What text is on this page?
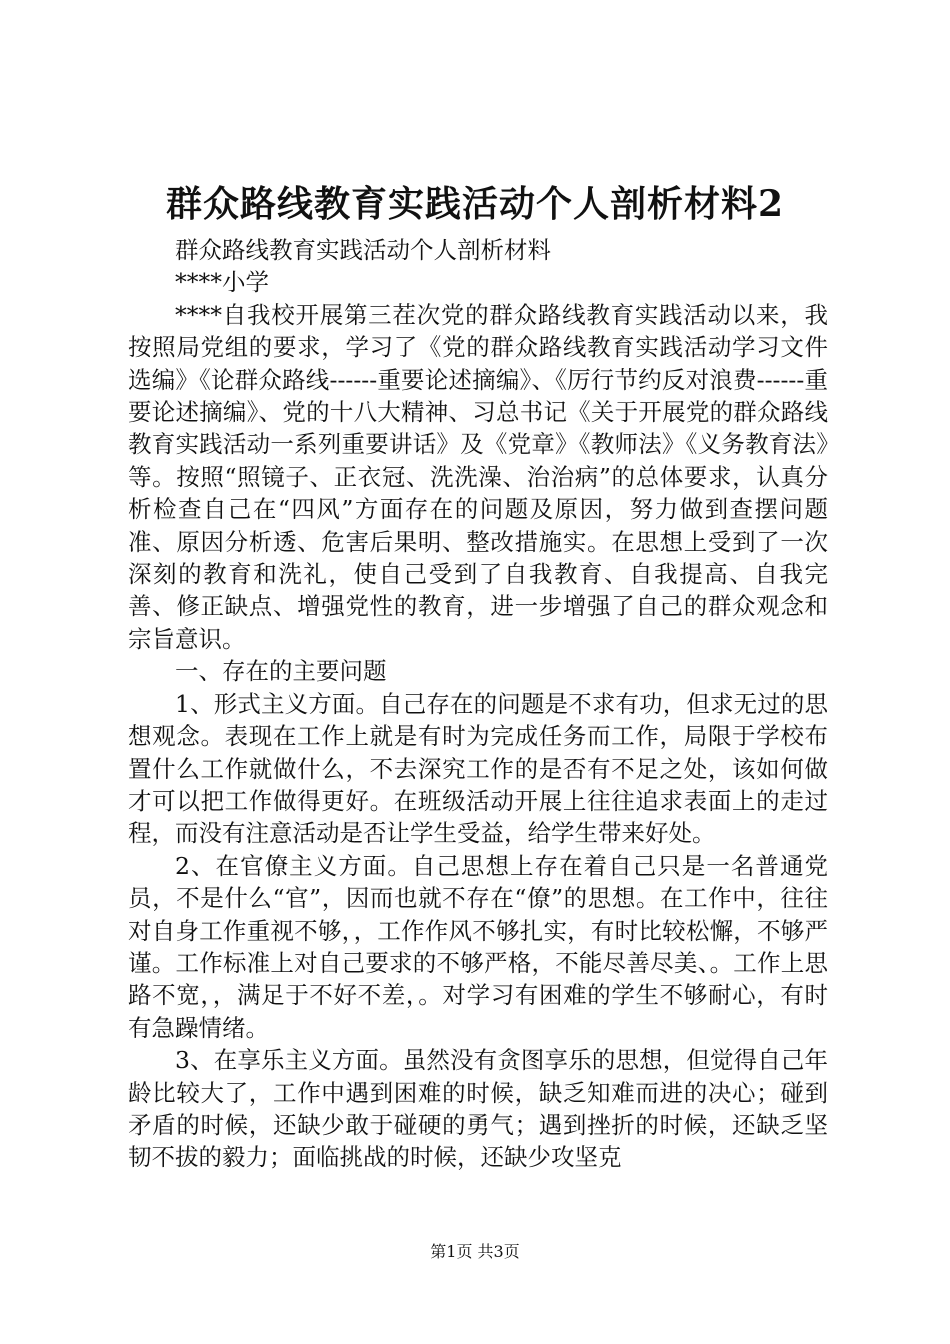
群众路线教育实践活动个人剖析材料2

群众路线教育实践活动个人剖析材料

****小学

****自我校开展第三茬次党的群众路线教育实践活动以来，我按照局党组的要求，学习了《党的群众路线教育实践活动学习文件选编》《论群众路线------重要论述摘编》、《厉行节约反对浪费------重要论述摘编》、党的十八大精神、习总书记《关于开展党的群众路线教育实践活动一系列重要讲话》及《党章》《教师法》《义务教育法》等。按照“照镜子、正衣冠、洗洗澡、治治病”的总体要求，认真分析检查自己在“四风”方面存在的问题及原因，努力做到查摆问题准、原因分析透、危害后果明、整改措施实。在思想上受到了一次深刻的教育和洗礼，使自己受到了自我教育、自我提高、自我完善、修正缺点、增强党性的教育，进一步增强了自己的群众观念和宗旨意识。

一、存在的主要问题

1、形式主义方面。自己存在的问题是不求有功，但求无过的思想观念。表现在工作上就是有时为完成任务而工作，局限于学校布置什么工作就做什么，不去深究工作的是否有不足之处，该如何做才可以把工作做得更好。在班级活动开展上往往追求表面上的走过程，而没有注意活动是否让学生受益，给学生带来好处。

2、在官僚主义方面。自己思想上存在着自己只是一名普通党员，不是什么“官”，因而也就不存在“僚”的思想。在工作中，往往对自身工作重视不够，，工作作风不够扎实，有时比较松懈，不够严谨。工作标准上对自己要求的不够严格，不能尽善尽美、。工作上思路不宽，，满足于不好不差，。对学习有困难的学生不够耐心，有时有急躁情绪。

3、在享乐主义方面。虽然没有贪图享乐的思想，但觉得自己年龄比较大了，工作中遇到困难的时候，缺乏知难而进的决心；碰到矛盾的时候，还缺少敢于碰硬的勇气；遇到挫折的时候，还缺乏坚韧不拔的毅力；面临挑战的时候，还缺少攻坚克

第1页 共3页
